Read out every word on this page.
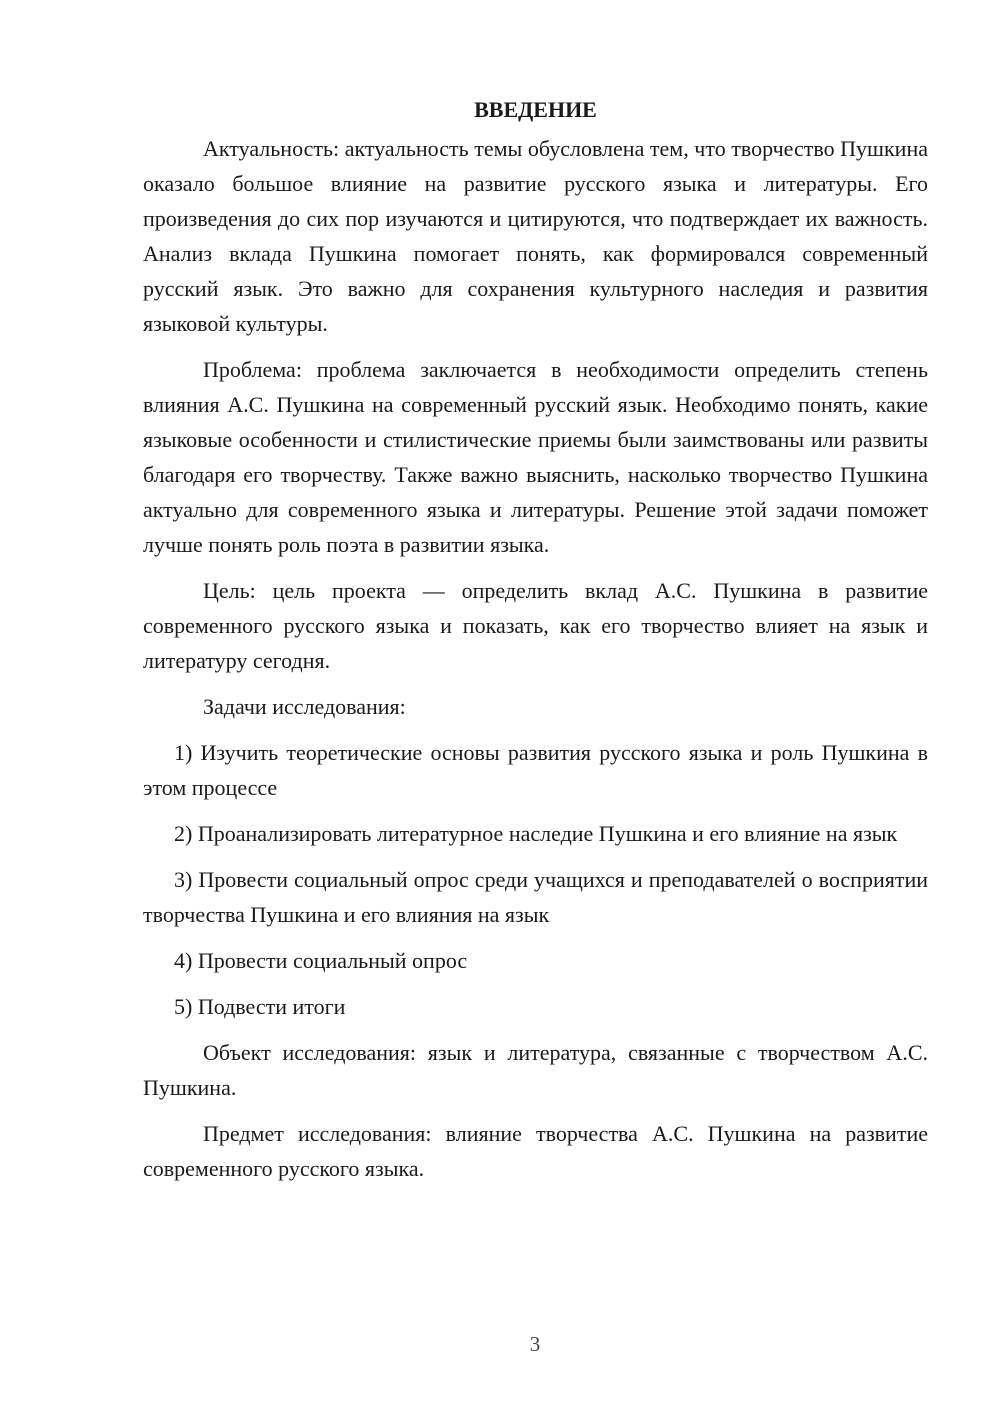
ВВЕДЕНИЕ

Актуальность: актуальность темы обусловлена тем, что творчество Пушкина оказало большое влияние на развитие русского языка и литературы. Его произведения до сих пор изучаются и цитируются, что подтверждает их важность. Анализ вклада Пушкина помогает понять, как формировался современный русский язык. Это важно для сохранения культурного наследия и развития языковой культуры.

Проблема: проблема заключается в необходимости определить степень влияния А.С. Пушкина на современный русский язык. Необходимо понять, какие языковые особенности и стилистические приемы были заимствованы или развиты благодаря его творчеству. Также важно выяснить, насколько творчество Пушкина актуально для современного языка и литературы. Решение этой задачи поможет лучше понять роль поэта в развитии языка.

Цель: цель проекта — определить вклад А.С. Пушкина в развитие современного русского языка и показать, как его творчество влияет на язык и литературу сегодня.

Задачи исследования:

1) Изучить теоретические основы развития русского языка и роль Пушкина в этом процессе

2) Проанализировать литературное наследие Пушкина и его влияние на язык

3) Провести социальный опрос среди учащихся и преподавателей о восприятии творчества Пушкина и его влияния на язык

4) Провести социальный опрос

5) Подвести итоги

Объект исследования: язык и литература, связанные с творчеством А.С. Пушкина.

Предмет исследования: влияние творчества А.С. Пушкина на развитие современного русского языка.

3
